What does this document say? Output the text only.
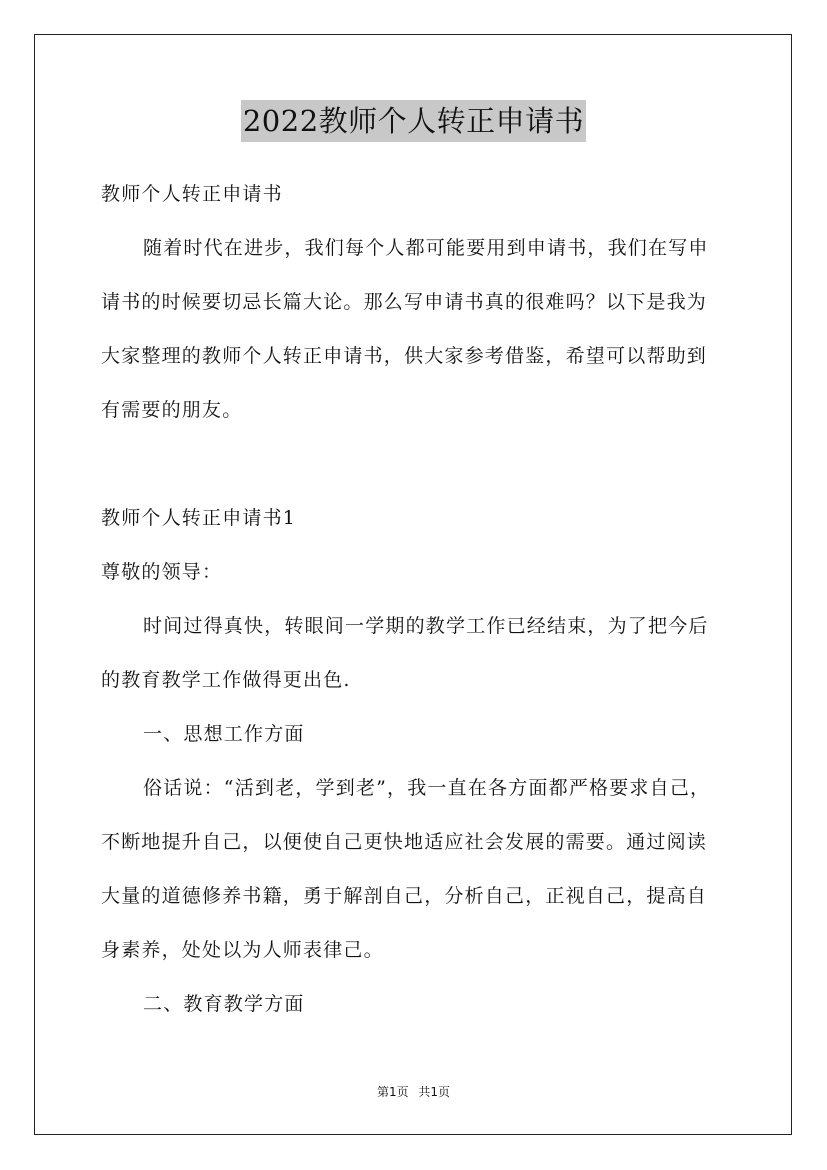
2022教师个人转正申请书
教师个人转正申请书
随着时代在进步，我们每个人都可能要用到申请书，我们在写申
请书的时候要切忌长篇大论。那么写申请书真的很难吗？以下是我为
大家整理的教师个人转正申请书，供大家参考借鉴，希望可以帮助到
有需要的朋友。
教师个人转正申请书1
尊敬的领导：
时间过得真快，转眼间一学期的教学工作已经结束，为了把今后
的教育教学工作做得更出色.
一、思想工作方面
俗话说：“活到老，学到老”，我一直在各方面都严格要求自己，
不断地提升自己，以便使自己更快地适应社会发展的需要。通过阅读
大量的道德修养书籍，勇于解剖自己，分析自己，正视自己，提高自
身素养，处处以为人师表律己。
二、教育教学方面
第1页 共1页
